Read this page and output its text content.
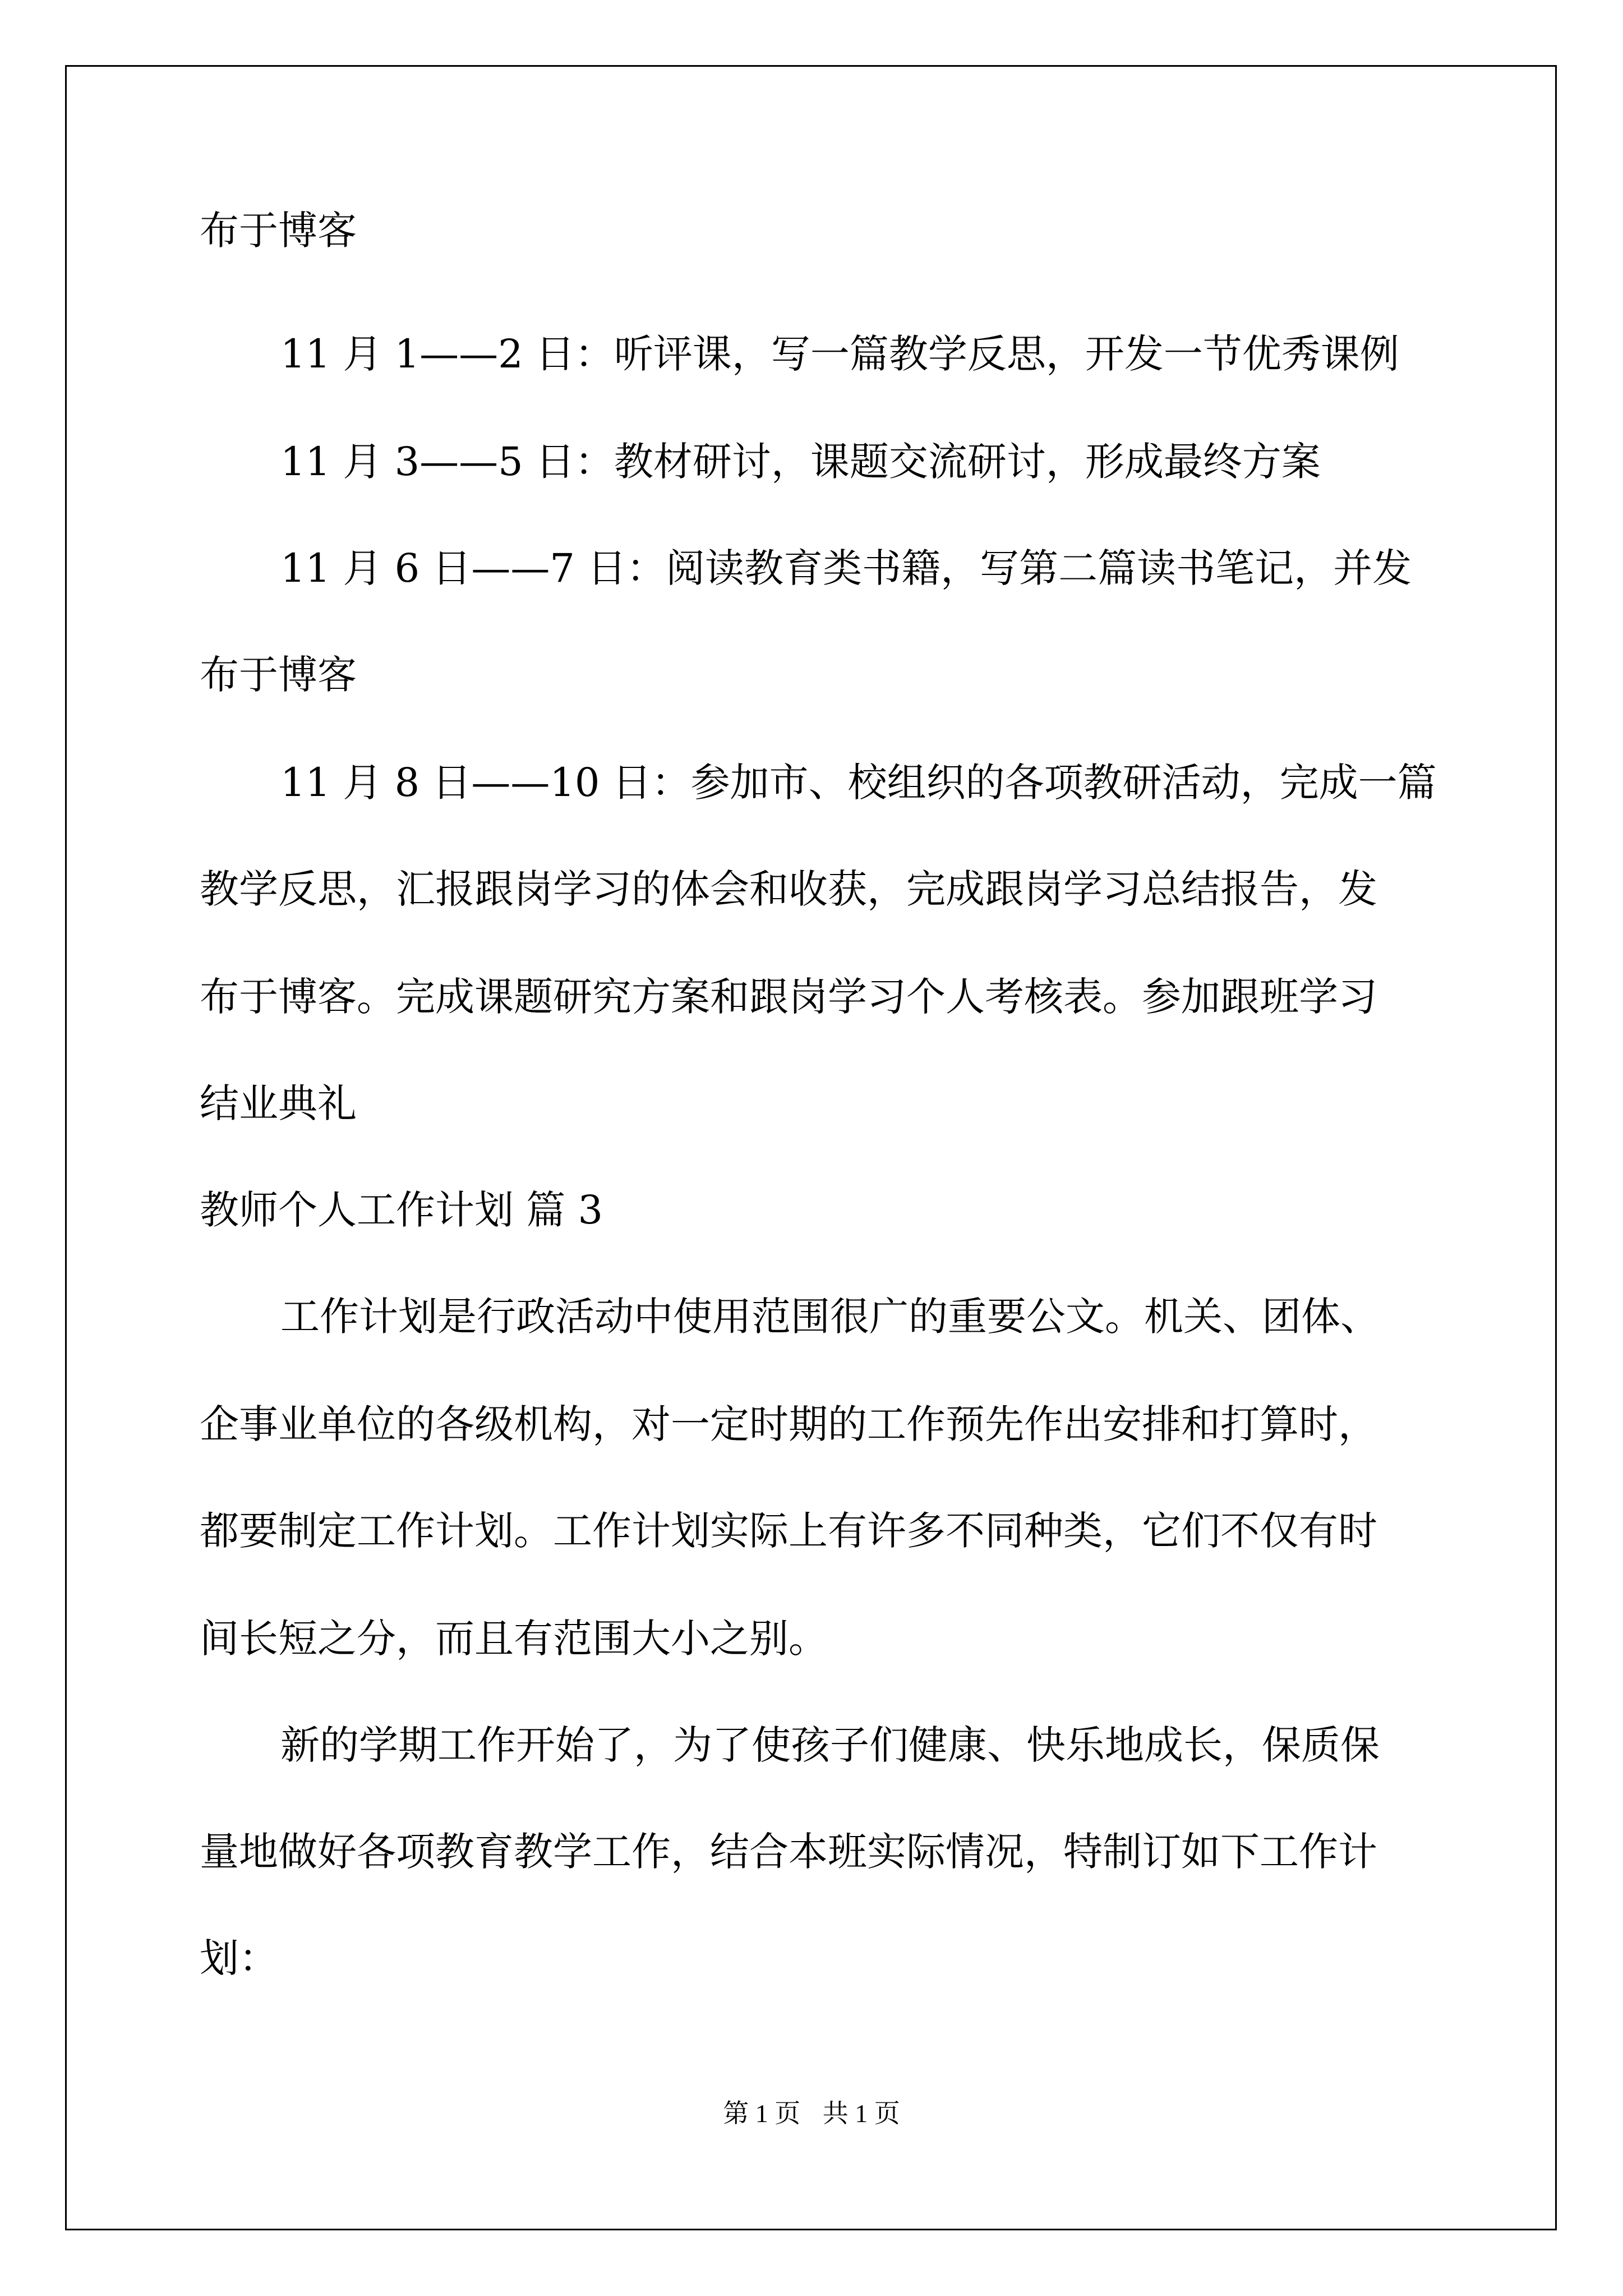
布于博客
11 月 1——2 日：听评课，写一篇教学反思，开发一节优秀课例
11 月 3——5 日：教材研讨，课题交流研讨，形成最终方案
11 月 6 日——7 日：阅读教育类书籍，写第二篇读书笔记，并发
布于博客
11 月 8 日——10 日：参加市、校组织的各项教研活动，完成一篇
教学反思，汇报跟岗学习的体会和收获，完成跟岗学习总结报告，发
布于博客。完成课题研究方案和跟岗学习个人考核表。参加跟班学习
结业典礼
教师个人工作计划 篇 3
工作计划是行政活动中使用范围很广的重要公文。机关、团体、
企事业单位的各级机构，对一定时期的工作预先作出安排和打算时，
都要制定工作计划。工作计划实际上有许多不同种类，它们不仅有时
间长短之分，而且有范围大小之别。
新的学期工作开始了，为了使孩子们健康、快乐地成长，保质保
量地做好各项教育教学工作，结合本班实际情况，特制订如下工作计
划：
第 1 页 共 1 页
